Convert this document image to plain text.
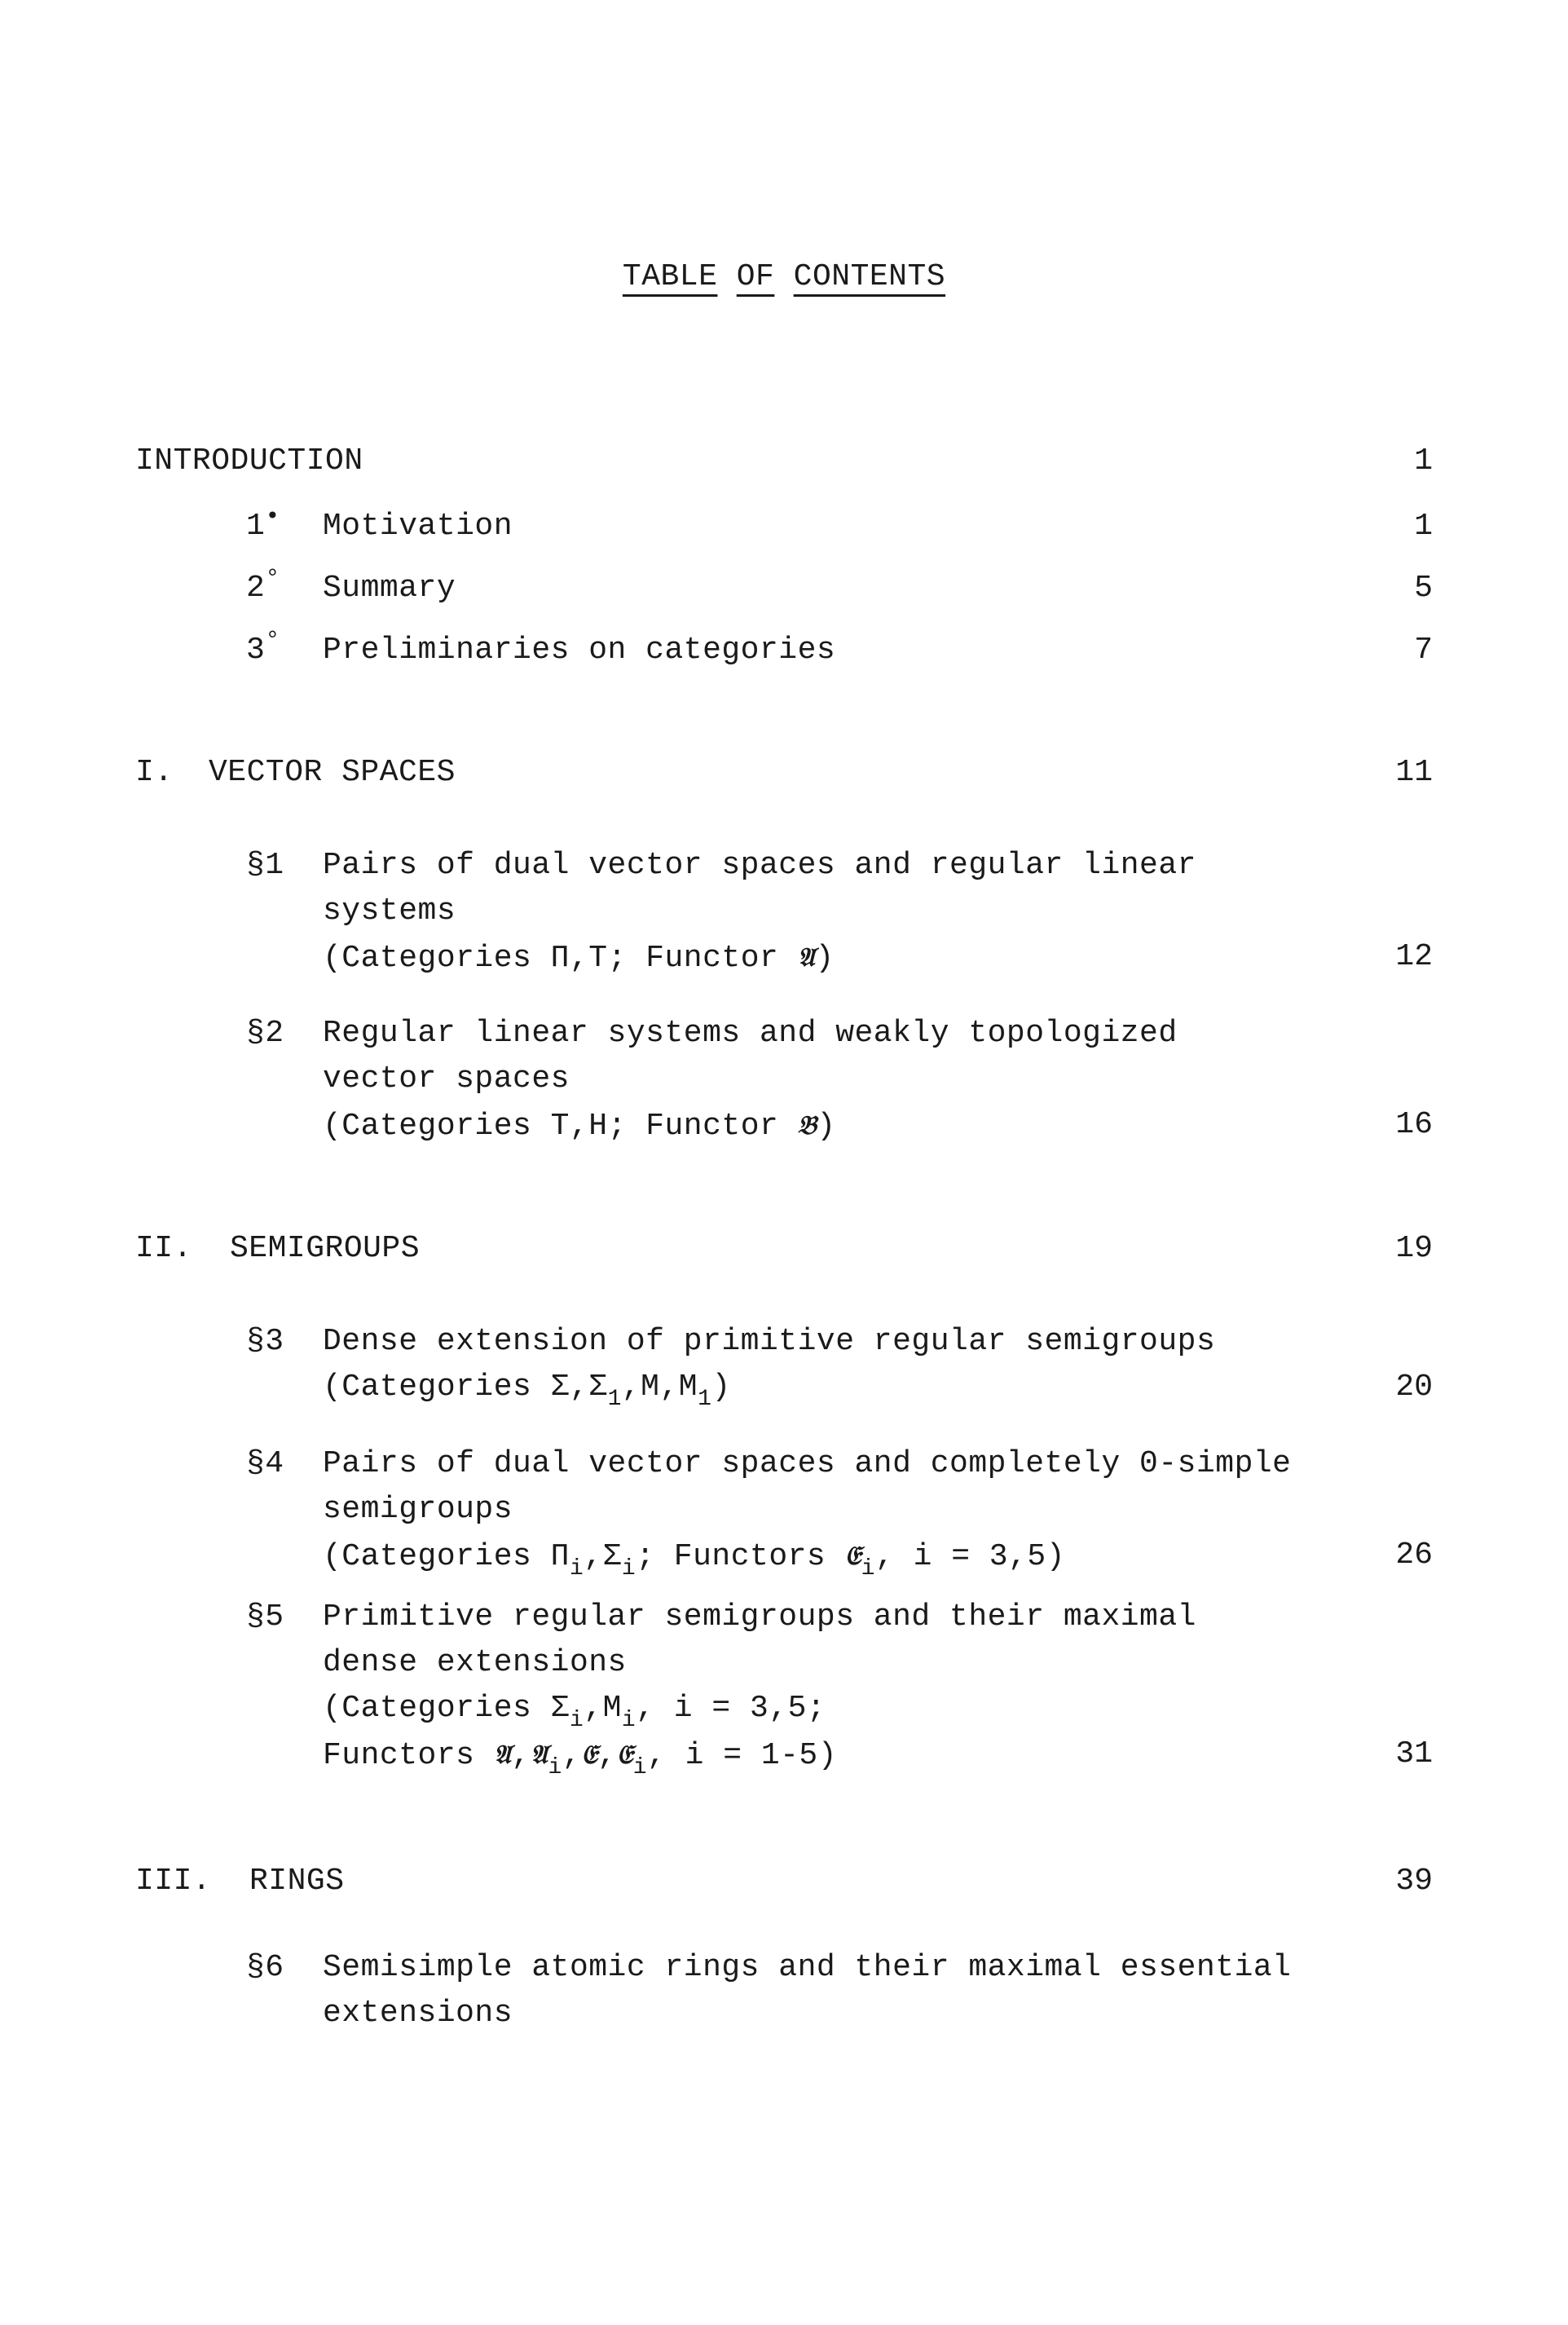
TABLE OF CONTENTS
INTRODUCTION	1
1• Motivation	1
2° Summary	5
3° Preliminaries on categories	7
I. VECTOR SPACES	11
§1 Pairs of dual vector spaces and regular linear
systems
(Categories Π,T; Functor 𝔄)	12
§2 Regular linear systems and weakly topologized
vector spaces
(Categories T,H; Functor 𝔅)	16
II. SEMIGROUPS	19
§3 Dense extension of primitive regular semigroups
(Categories $\Sigma,\Sigma_1,M,M_1$)	20
§4 Pairs of dual vector spaces and completely 0-simple
semigroups
(Categories $\Pi_i,\Sigma_i$; Functors 𝔈$_i$, i = 3,5)	26
§5 Primitive regular semigroups and their maximal
dense extensions
(Categories $\Sigma_i,M_i$, i = 3,5;
Functors 𝔄,𝔄$_i$,𝔈,𝔈$_i$, i = 1-5)	31
III. RINGS	39
§6 Semisimple atomic rings and their maximal essential
extensions
